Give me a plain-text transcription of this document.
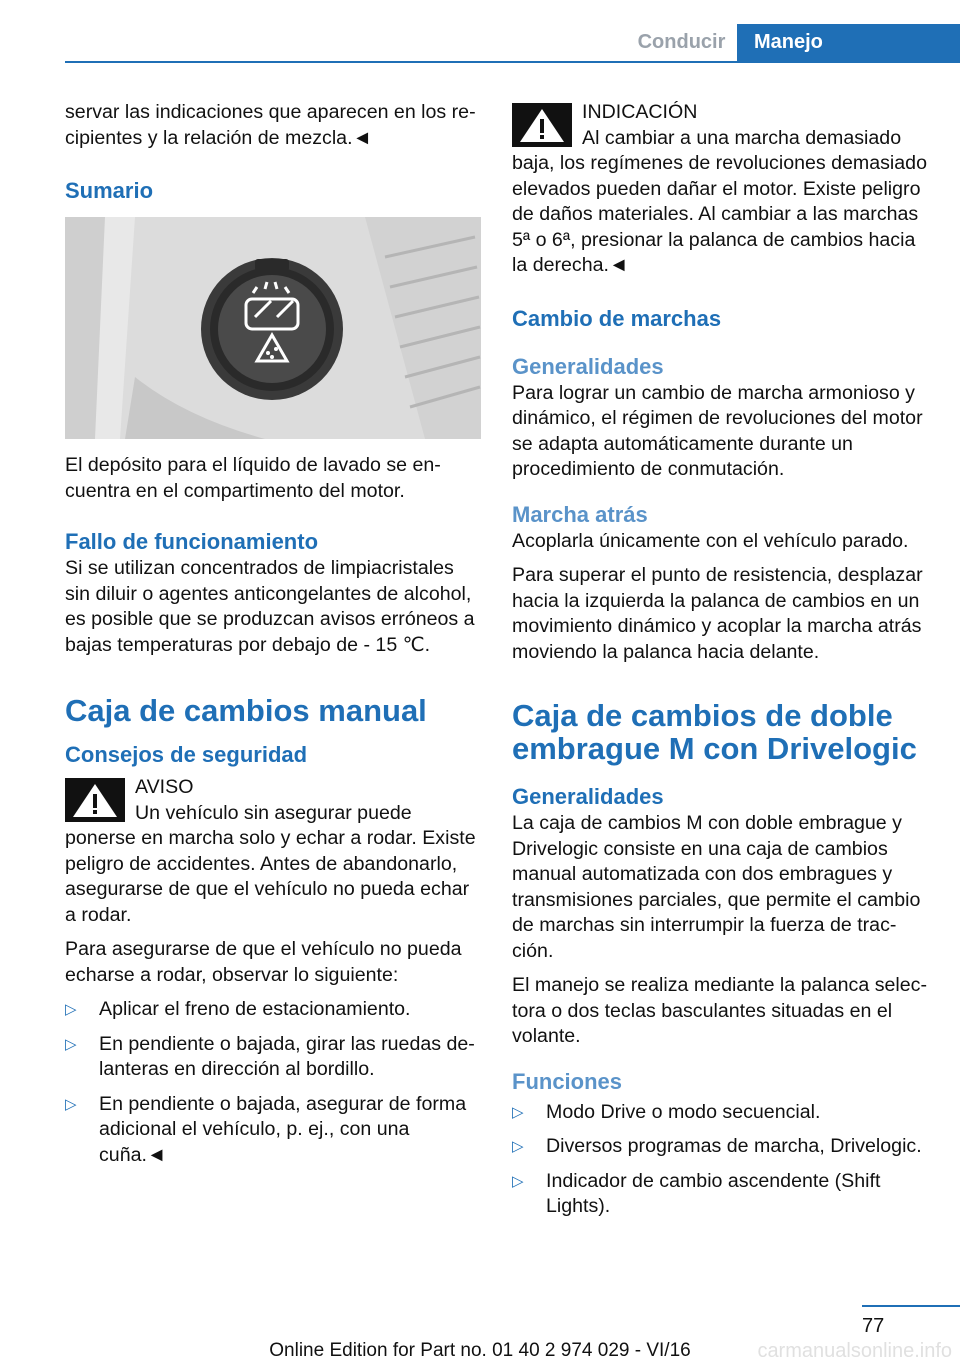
Conducir	Manejo

servar las indicaciones que aparecen en los recipientes y la relación de mezcla.◄

Sumario

El depósito para el líquido de lavado se encuentra en el compartimento del motor.

Fallo de funcionamiento

Si se utilizan concentrados de limpiacristales sin diluir o agentes anticongelantes de alcohol, es posible que se produzcan avisos erróneos a bajas temperaturas por debajo de - 15 ℃.

Caja de cambios manual
Consejos de seguridad
AVISO
Un vehículo sin asegurar puede ponerse en marcha solo y echar a rodar. Existe peligro de accidentes. Antes de abandonarlo, asegurarse de que el vehículo no pueda echar a rodar.

Para asegurarse de que el vehículo no pueda echarse a rodar, observar lo siguiente:

▷ Aplicar el freno de estacionamiento.
▷ En pendiente o bajada, girar las ruedas delanteras en dirección al bordillo.
▷ En pendiente o bajada, asegurar de forma adicional el vehículo, p. ej., con una cuña.◄
INDICACIÓN
Al cambiar a una marcha demasiado baja, los regímenes de revoluciones demasiado elevados pueden dañar el motor. Existe peligro de daños materiales. Al cambiar a las marchas 5ª o 6ª, presionar la palanca de cambios hacia la derecha.◄
Cambio de marchas
Generalidades

Para lograr un cambio de marcha armonioso y dinámico, el régimen de revoluciones del motor se adapta automáticamente durante un procedimiento de conmutación.

Marcha atrás

Acoplarla únicamente con el vehículo parado.

Para superar el punto de resistencia, desplazar hacia la izquierda la palanca de cambios en un movimiento dinámico y acoplar la marcha atrás moviendo la palanca hacia delante.

Caja de cambios de doble embrague M con Drivelogic
Generalidades

La caja de cambios M con doble embrague y Drivelogic consiste en una caja de cambios manual automatizada con dos embragues y transmisiones parciales, que permite el cambio de marchas sin interrumpir la fuerza de tracción.

El manejo se realiza mediante la palanca selectora o dos teclas basculantes situadas en el volante.

Funciones
▷ Modo Drive o modo secuencial.
▷ Diversos programas de marcha, Drivelogic.
▷ Indicador de cambio ascendente (Shift Lights).
77
Online Edition for Part no. 01 40 2 974 029 - VI/16	carmanualsonline.info
